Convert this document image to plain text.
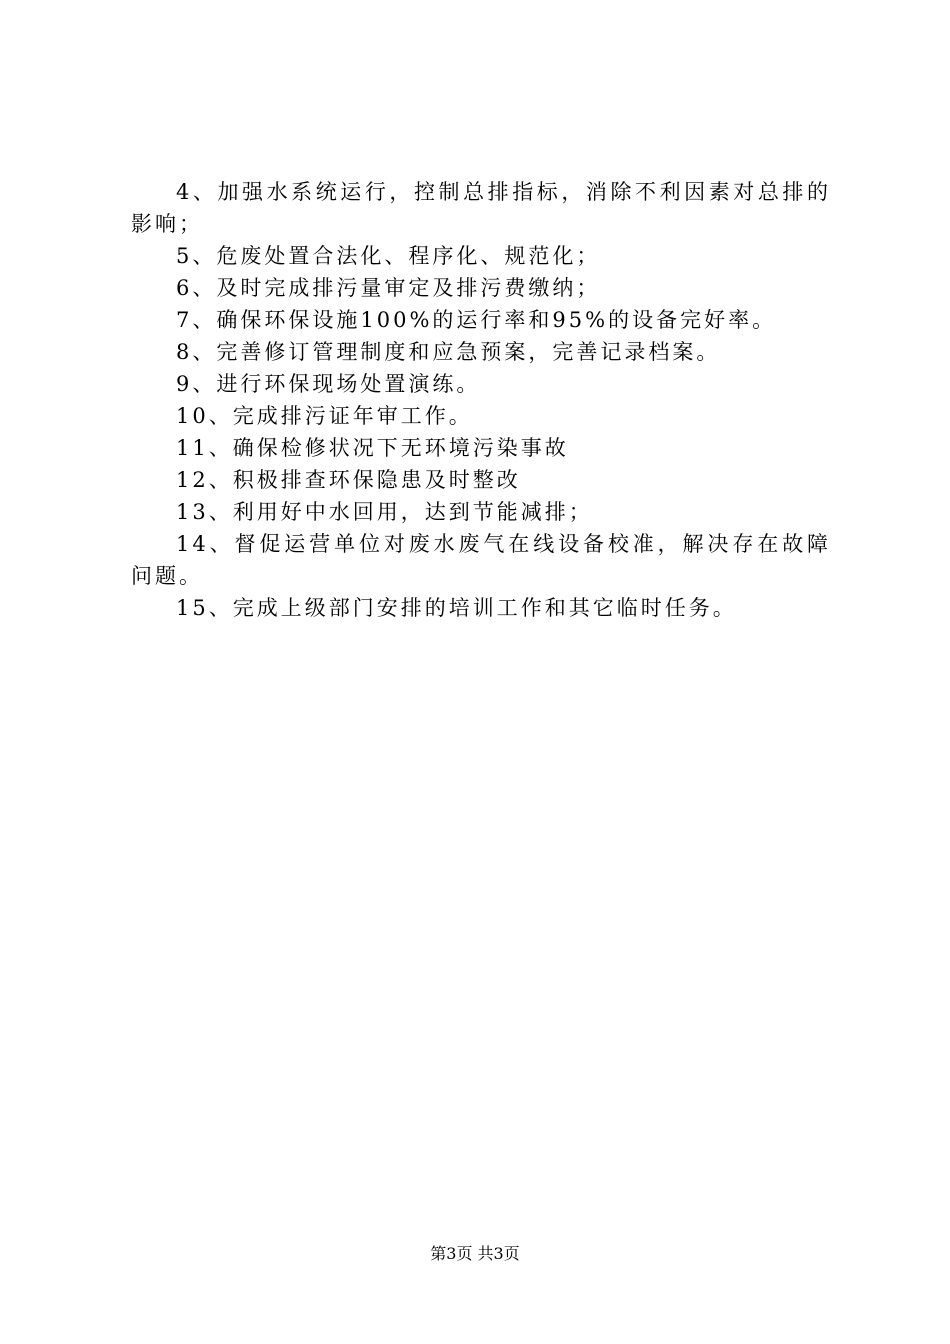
4、加强水系统运行，控制总排指标，消除不利因素对总排的影响；

5、危废处置合法化、程序化、规范化；

6、及时完成排污量审定及排污费缴纳；

7、确保环保设施100%的运行率和95%的设备完好率。

8、完善修订管理制度和应急预案，完善记录档案。

9、进行环保现场处置演练。

10、完成排污证年审工作。

11、确保检修状况下无环境污染事故

12、积极排查环保隐患及时整改

13、利用好中水回用，达到节能减排；

14、督促运营单位对废水废气在线设备校准，解决存在故障问题。

15、完成上级部门安排的培训工作和其它临时任务。

第3页 共3页
